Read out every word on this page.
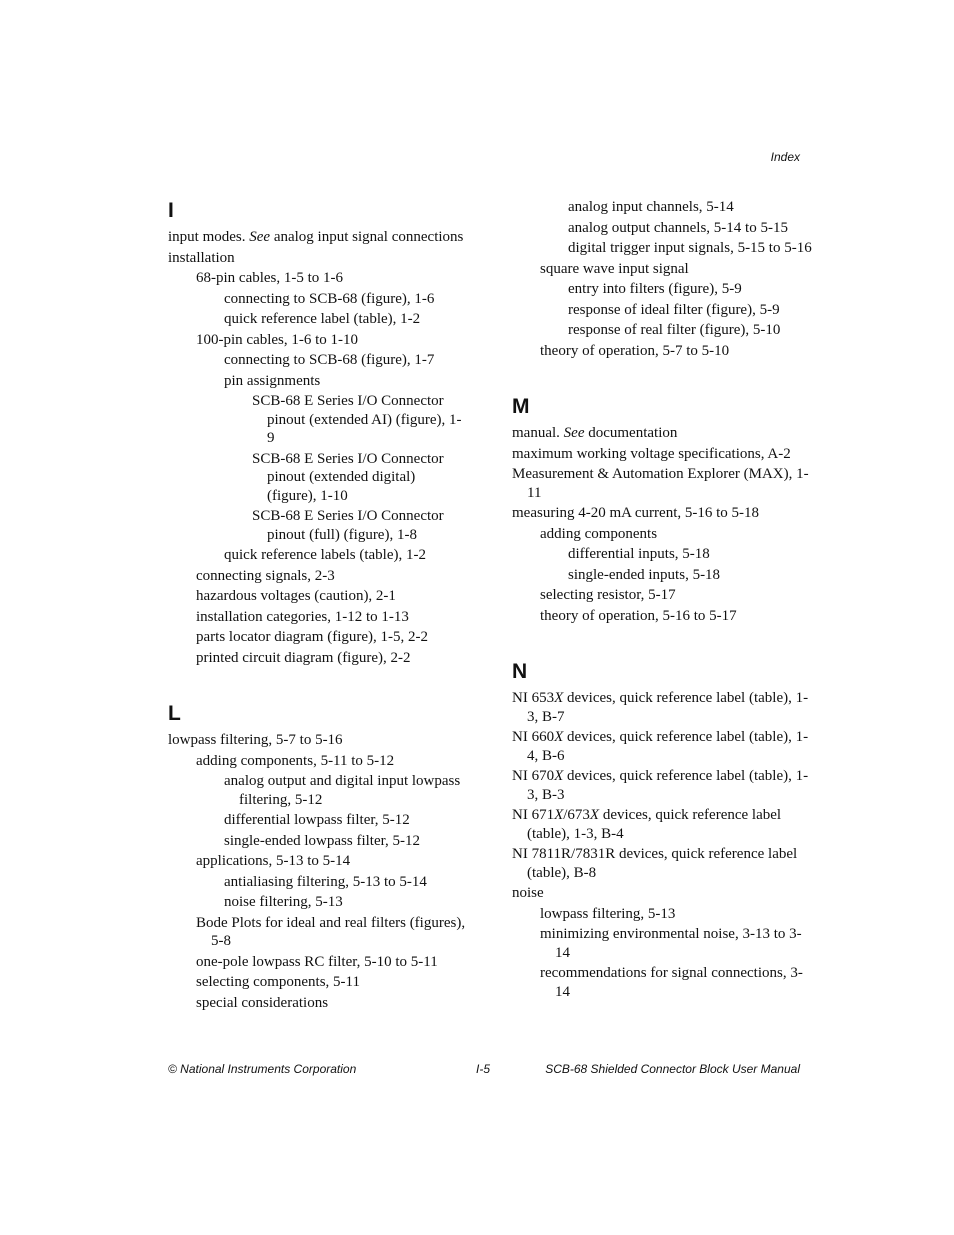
Index
I
input modes. See analog input signal connections
installation
68-pin cables, 1-5 to 1-6
connecting to SCB-68 (figure), 1-6
quick reference label (table), 1-2
100-pin cables, 1-6 to 1-10
connecting to SCB-68 (figure), 1-7
pin assignments
SCB-68 E Series I/O Connector pinout (extended AI) (figure), 1-9
SCB-68 E Series I/O Connector pinout (extended digital) (figure), 1-10
SCB-68 E Series I/O Connector pinout (full) (figure), 1-8
quick reference labels (table), 1-2
connecting signals, 2-3
hazardous voltages (caution), 2-1
installation categories, 1-12 to 1-13
parts locator diagram (figure), 1-5, 2-2
printed circuit diagram (figure), 2-2
L
lowpass filtering, 5-7 to 5-16
adding components, 5-11 to 5-12
analog output and digital input lowpass filtering, 5-12
differential lowpass filter, 5-12
single-ended lowpass filter, 5-12
applications, 5-13 to 5-14
antialiasing filtering, 5-13 to 5-14
noise filtering, 5-13
Bode Plots for ideal and real filters (figures), 5-8
one-pole lowpass RC filter, 5-10 to 5-11
selecting components, 5-11
special considerations
analog input channels, 5-14
analog output channels, 5-14 to 5-15
digital trigger input signals, 5-15 to 5-16
square wave input signal
entry into filters (figure), 5-9
response of ideal filter (figure), 5-9
response of real filter (figure), 5-10
theory of operation, 5-7 to 5-10
M
manual. See documentation
maximum working voltage specifications, A-2
Measurement & Automation Explorer (MAX), 1-11
measuring 4-20 mA current, 5-16 to 5-18
adding components
differential inputs, 5-18
single-ended inputs, 5-18
selecting resistor, 5-17
theory of operation, 5-16 to 5-17
N
NI 653X devices, quick reference label (table), 1-3, B-7
NI 660X devices, quick reference label (table), 1-4, B-6
NI 670X devices, quick reference label (table), 1-3, B-3
NI 671X/673X devices, quick reference label (table), 1-3, B-4
NI 7811R/7831R devices, quick reference label (table), B-8
noise
lowpass filtering, 5-13
minimizing environmental noise, 3-13 to 3-14
recommendations for signal connections, 3-14
© National Instruments Corporation	I-5	SCB-68 Shielded Connector Block User Manual
